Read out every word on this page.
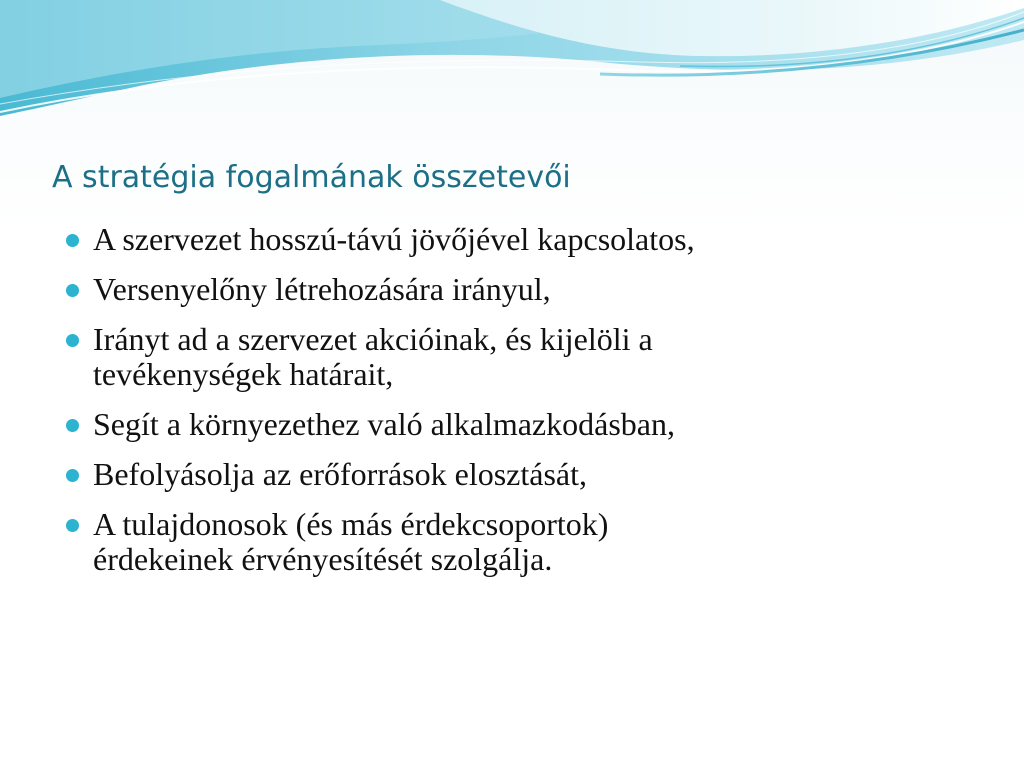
A stratégia fogalmának összetevői
A szervezet hosszú-távú jövőjével kapcsolatos,
Versenyelőny létrehozására irányul,
Irányt ad a szervezet akcióinak, és kijelöli a
tevékenységek határait,
Segít a környezethez való alkalmazkodásban,
Befolyásolja az erőforrások elosztását,
A tulajdonosok (és más érdekcsoportok)
érdekeinek érvényesítését szolgálja.
